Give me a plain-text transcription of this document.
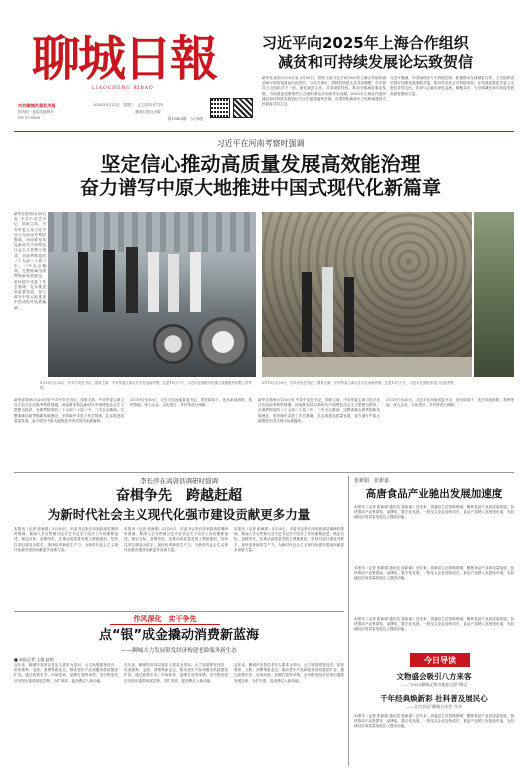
聊城日報
LIAOCHENG RIBAO
中共聊城市委机关报
国内统一连续出版物号
CN 37-0108
2025年5月21日　星期三　乙巳年四月廿四
聊城日报社出版
第10438期　今日8版
习近平向2025年上海合作组织
减贫和可持续发展论坛致贺信
新华社北京5月20日电 5月20日，国家主席习近平向2025年上海合作组织减贫和可持续发展论坛致贺信。习近平指出，消除贫困是人类共同理想。中方愿同上合组织各方一道，深化减贫合作，共享减贫经验，推动全球减贫事业发展，为构建更加紧密的上合组织命运共同体作出贡献。2025年上海合作组织减贫和可持续发展论坛当日在福建福州开幕，由国务院新闻办公室和福建省人民政府共同主办。
习近平强调，中国始终致力于消除贫困，积极推动全球减贫合作。上合组织成员国应加强发展战略对接，推动经济社会可持续发展，让发展成果更多更公平惠及各国人民。希望与会嘉宾深化交流、凝聚共识，为全球减贫和可持续发展贡献智慧和力量。
习近平在河南考察时强调
坚定信心推动高质量发展高效能治理
奋力谱写中原大地推进中国式现代化新篇章
5月19日至20日，中共中央总书记、国家主席、中央军委主席习近平在河南考察。这是19日下午，习近平在洛阳中信重工机械股份有限公司考察。
5月19日至20日，中共中央总书记、国家主席、中央军委主席习近平在河南考察。这是19日下午，习近平在洛阳市龙门石窟考察。
新华社郑州5月20日电 中共中央总书记、国家主席、中央军委主席习近平近日在河南考察时强调，河南要坚持以新时代中国特色社会主义思想为指导，全面贯彻党的二十大和二十届二中、三中全会精神，完整准确全面贯彻新发展理念，坚持稳中求进工作总基调，扎实推进高质量发展，奋力谱写中原大地推进中国式现代化新篇章。
新华社郑州5月20日电 中共中央总书记、国家主席、中央军委主席习近平近日在河南考察时强调，河南要坚持以新时代中国特色社会主义思想为指导，全面贯彻党的二十大和二十届二中、三中全会精神，完整准确全面贯彻新发展理念，坚持稳中求进工作总基调，扎实推进高质量发展，奋力谱写中原大地推进中国式现代化新篇章。
5月19日至20日，习近平在河南省委书记、省长陪同下，先后来到洛阳、郑州等地，深入企业、文化景区、乡村等进行调研。
新华社郑州5月20日电 中共中央总书记、国家主席、中央军委主席习近平近日在河南考察时强调，河南要坚持以新时代中国特色社会主义思想为指导，全面贯彻党的二十大和二十届二中、三中全会精神，完整准确全面贯彻新发展理念，坚持稳中求进工作总基调，扎实推进高质量发展，奋力谱写中原大地推进中国式现代化新篇章。
5月19日至20日，习近平在河南省委书记、省长陪同下，先后来到洛阳、郑州等地，深入企业、文化景区、乡村等进行调研。
李长萍在高唐县调研时强调
奋楫争先　跨越赶超
为新时代社会主义现代化强市建设贡献更多力量
本报讯（记者 张海燕）5月20日，市委书记李长萍到高唐县调研时强调，要深入学习贯彻习近平总书记关于经济工作的重要论述，锚定目标、奋楫争先，在推动高质量发展上勇挑重担，坚持以项目建设为抓手，加快培育新质生产力，为新时代社会主义现代化强市建设贡献更多高唐力量。
本报讯（记者 张海燕）5月20日，市委书记李长萍到高唐县调研时强调，要深入学习贯彻习近平总书记关于经济工作的重要论述，锚定目标、奋楫争先，在推动高质量发展上勇挑重担，坚持以项目建设为抓手，加快培育新质生产力，为新时代社会主义现代化强市建设贡献更多高唐力量。
本报讯（记者 张海燕）5月20日，市委书记李长萍到高唐县调研时强调，要深入学习贯彻习近平总书记关于经济工作的重要论述，锚定目标、奋楫争先，在推动高质量发展上勇挑重担，坚持以项目建设为抓手，加快培育新质生产力，为新时代社会主义现代化强市建设贡献更多高唐力量。
张新娟　张新嘉
高唐食品产业驰出发展加速度
本报讯（记者 张新娟 通讯员 张新嘉）近年来，高唐县立足资源禀赋，聚焦食品产业高质量发展，加快推动产业集群化、品牌化、数字化发展，一批龙头企业加快成长，食品产业驶入发展快车道，为县域经济高质量发展注入强劲动能。
本报讯（记者 张新娟 通讯员 张新嘉）近年来，高唐县立足资源禀赋，聚焦食品产业高质量发展，加快推动产业集群化、品牌化、数字化发展，一批龙头企业加快成长，食品产业驶入发展快车道，为县域经济高质量发展注入强劲动能。
本报讯（记者 张新娟 通讯员 张新嘉）近年来，高唐县立足资源禀赋，聚焦食品产业高质量发展，加快推动产业集群化、品牌化、数字化发展，一批龙头企业加快成长，食品产业驶入发展快车道，为县域经济高质量发展注入强劲动能。
今日导读
文物盛会吸引八方来客
——“2025聊城文物市集春日游”侧记
千年经典焕新彩 社科普及展民心
——全市首届“聊城大讲堂”开讲
本报讯（记者 张新娟 通讯员 张新嘉）近年来，高唐县立足资源禀赋，聚焦食品产业高质量发展，加快推动产业集群化、品牌化、数字化发展，一批龙头企业加快成长，食品产业驶入发展快车道，为县域经济高质量发展注入强劲动能。
作风深化　实干争先
点“银”成金撬动消费新蓝海
——聊城大力发展银发经济构建老龄服务新生态
■ 本报记者 王超 赵明
近年来，聊城市坚持以老年人需求为导向，大力发展银发经济，培育康养、文旅、消费等新业态，推动老年产品和服务供给提质扩容。通过政策引导、市场培育、品牌打造等举措，全市银发经济呈现出蓬勃发展态势，为扩内需、促消费注入新动能。
近年来，聊城市坚持以老年人需求为导向，大力发展银发经济，培育康养、文旅、消费等新业态，推动老年产品和服务供给提质扩容。通过政策引导、市场培育、品牌打造等举措，全市银发经济呈现出蓬勃发展态势，为扩内需、促消费注入新动能。
近年来，聊城市坚持以老年人需求为导向，大力发展银发经济，培育康养、文旅、消费等新业态，推动老年产品和服务供给提质扩容。通过政策引导、市场培育、品牌打造等举措，全市银发经济呈现出蓬勃发展态势，为扩内需、促消费注入新动能。
